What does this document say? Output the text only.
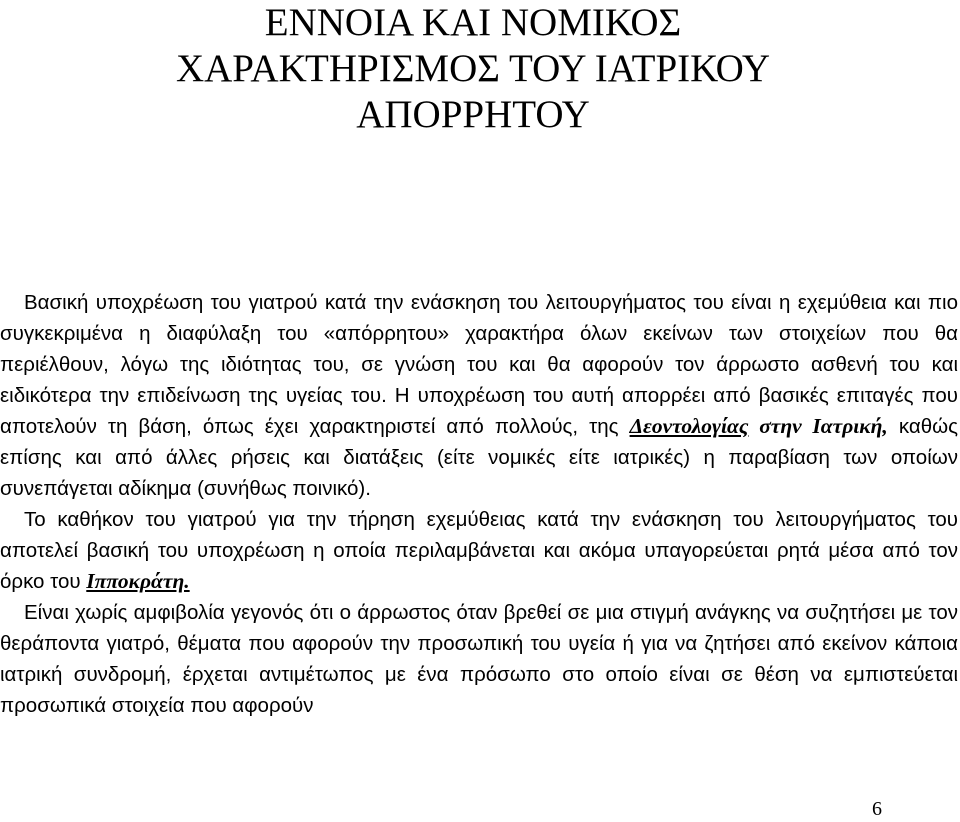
ΕΝΝΟΙΑ ΚΑΙ ΝΟΜΙΚΟΣ
ΧΑΡΑΚΤΗΡΙΣΜΟΣ ΤΟΥ ΙΑΤΡΙΚΟΥ
ΑΠΟΡΡΗΤΟΥ

Βασική υποχρέωση του γιατρού κατά την ενάσκηση του λειτουργήματος του είναι η εχεμύθεια και πιο συγκεκριμένα η διαφύλαξη του «απόρρητου» χαρακτήρα όλων εκείνων των στοιχείων που θα περιέλθουν, λόγω της ιδιότητας του, σε γνώση του και θα αφορούν τον άρρωστο ασθενή του και ειδικότερα την επιδείνωση της υγείας του. Η υποχρέωση του αυτή απορρέει από βασικές επιταγές που αποτελούν τη βάση, όπως έχει χαρακτηριστεί από πολλούς, της Δεοντολογίας στην Ιατρική, καθώς επίσης και από άλλες ρήσεις και διατάξεις (είτε νομικές είτε ιατρικές) η παραβίαση των οποίων συνεπάγεται αδίκημα (συνήθως ποινικό).

Το καθήκον του γιατρού για την τήρηση εχεμύθειας κατά την ενάσκηση του λειτουργήματος του αποτελεί βασική του υποχρέωση η οποία περιλαμβάνεται και ακόμα υπαγορεύεται ρητά μέσα από τον όρκο του Ιπποκράτη.

Είναι χωρίς αμφιβολία γεγονός ότι ο άρρωστος όταν βρεθεί σε μια στιγμή ανάγκης να συζητήσει με τον θεράποντα γιατρό, θέματα που αφορούν την προσωπική του υγεία ή για να ζητήσει από εκείνον κάποια ιατρική συνδρομή, έρχεται αντιμέτωπος με ένα πρόσωπο στο οποίο είναι σε θέση να εμπιστεύεται προσωπικά στοιχεία που αφορούν

6
